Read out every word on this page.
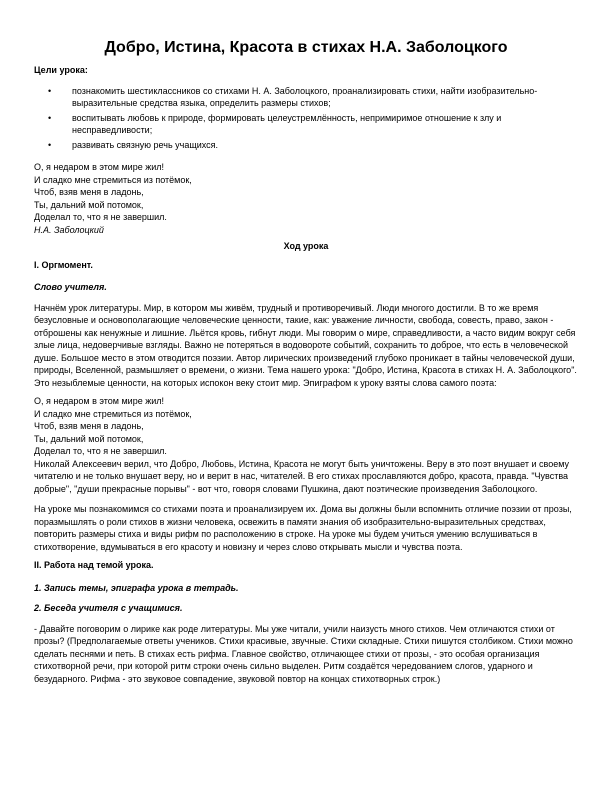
Добро, Истина, Красота в стихах Н.А. Заболоцкого
Цели урока:
• познакомить шестиклассников со стихами Н. А. Заболоцкого, проанализировать стихи, найти изобразительно-выразительные средства языка, определить размеры стихов;
• воспитывать любовь к природе, формировать целеустремлённость, непримиримое отношение к злу и несправедливости;
• развивать связную речь учащихся.
О, я недаром в этом мире жил!
И сладко мне стремиться из потёмок,
Чтоб, взяв меня в ладонь,
Ты, дальний мой потомок,
Доделал то, что я не завершил.
Н.А. Заболоцкий
Ход урока
I. Оргмомент.
Слово учителя.

Начнём урок литературы. Мир, в котором мы живём, трудный и противоречивый. Люди многого достигли. В то же время безусловные и основополагающие человеческие ценности, такие, как: уважение личности, свобода, совесть, право, закон - отброшены как ненужные и лишние. Льётся кровь, гибнут люди. Мы говорим о мире, справедливости, а часто видим вокруг себя злые лица, недоверчивые взгляды. Важно не потеряться в водовороте событий, сохранить то доброе, что есть в человеческой душе. Большое место в этом отводится поэзии. Автор лирических произведений глубоко проникает в тайны человеческой души, природы, Вселенной, размышляет о времени, о жизни. Тема нашего урока: "Добро, Истина, Красота в стихах Н. А. Заболоцкого". Это незыблемые ценности, на которых испокон веку стоит мир. Эпиграфом к уроку взяты слова самого поэта:

О, я недаром в этом мире жил!
И сладко мне стремиться из потёмок,
Чтоб, взяв меня в ладонь,
Ты, дальний мой потомок,
Доделал то, что я не завершил.

Николай Алексеевич верил, что Добро, Любовь, Истина, Красота не могут быть уничтожены. Веру в это поэт внушает и своему читателю и не только внушает веру, но и верит в нас, читателей. В его стихах прославляются добро, красота, правда. "Чувства добрые", "души прекрасные порывы" - вот что, говоря словами Пушкина, дают поэтические произведения Заболоцкого.

На уроке мы познакомимся со стихами поэта и проанализируем их. Дома вы должны были вспомнить отличие поэзии от прозы, поразмышлять о роли стихов в жизни человека, освежить в памяти знания об изобразительно-выразительных средствах, повторить размеры стиха и виды рифм по расположению в строке. На уроке мы будем учиться умению вслушиваться в стихотворение, вдумываться в его красоту и новизну и через слово открывать мысли и чувства поэта.

II. Работа над темой урока.
1. Запись темы, эпиграфа урока в тетрадь.
2. Беседа учителя с учащимися.

- Давайте поговорим о лирике как роде литературы. Мы уже читали, учили наизусть много стихов. Чем отличаются стихи от прозы? (Предполагаемые ответы учеников. Стихи красивые, звучные. Стихи складные. Стихи пишутся столбиком. Стихи можно сделать песнями и петь. В стихах есть рифма. Главное свойство, отличающее стихи от прозы, - это особая организация стихотворной речи, при которой ритм строки очень сильно выделен. Ритм создаётся чередованием слогов, ударного и безударного. Рифма - это звуковое совпадение, звуковой повтор на концах стихотворных строк.)
